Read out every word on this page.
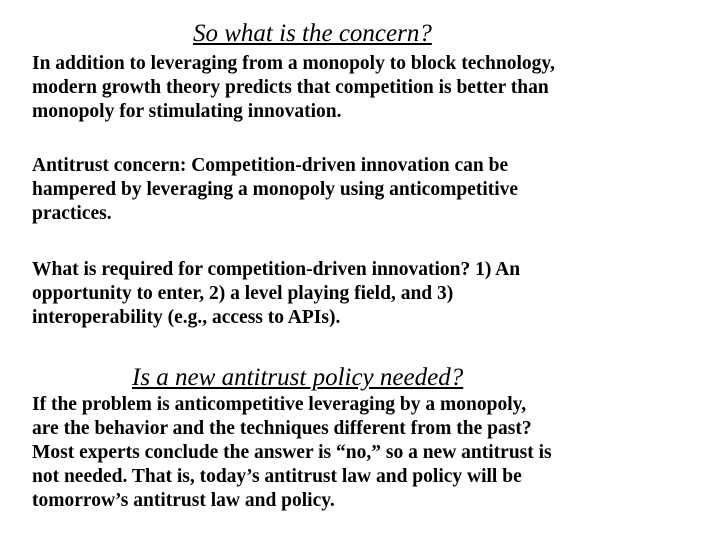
So what is the concern?

In addition to leveraging from a monopoly to block technology,
modern growth theory predicts that competition is better than
monopoly for stimulating innovation.

Antitrust concern: Competition-driven innovation can be
hampered by leveraging a monopoly using anticompetitive
practices.

What is required for competition-driven innovation? 1) An
opportunity to enter, 2) a level playing field, and 3)
interoperability (e.g., access to APIs).

Is a new antitrust policy needed?

If the problem is anticompetitive leveraging by a monopoly,
are the behavior and the techniques different from the past?
Most experts conclude the answer is “no,” so a new antitrust is
not needed. That is, today’s antitrust law and policy will be
tomorrow’s antitrust law and policy.
